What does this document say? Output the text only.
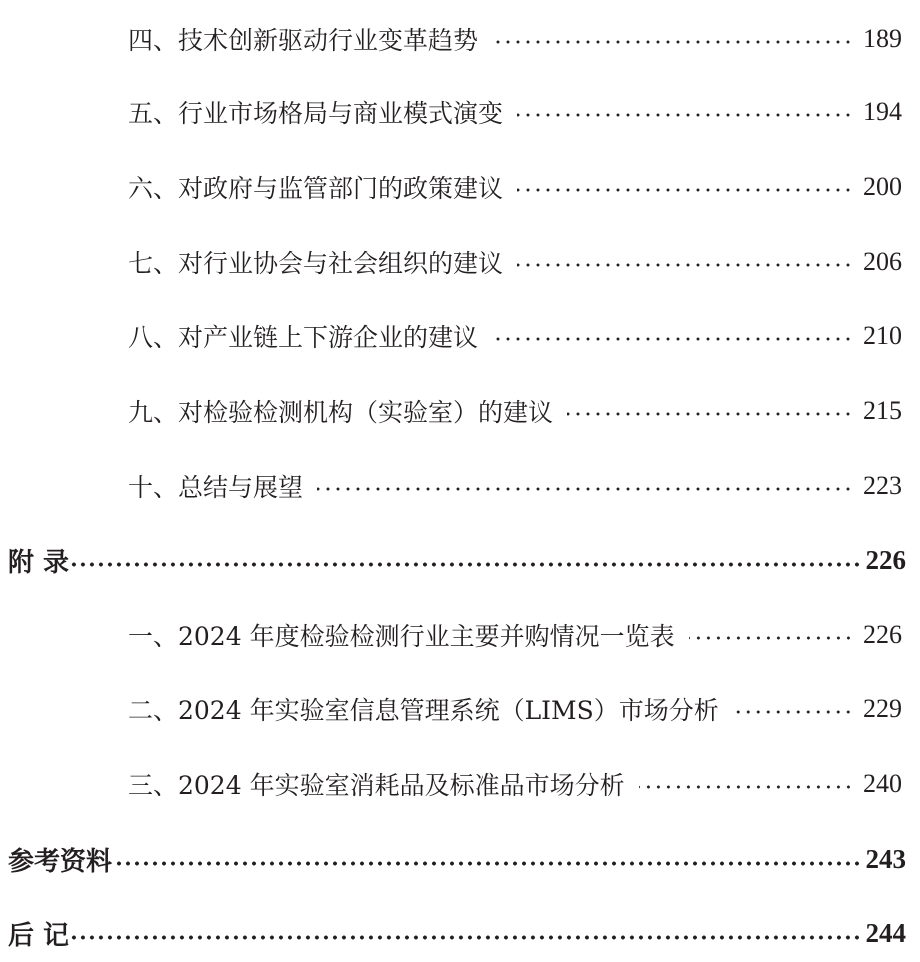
四、技术创新驱动行业变革趋势	189
五、行业市场格局与商业模式演变	194
六、对政府与监管部门的政策建议	200
七、对行业协会与社会组织的建议	206
八、对产业链上下游企业的建议	210
九、对检验检测机构（实验室）的建议	215
十、总结与展望	223
附 录	226
一、2024 年度检验检测行业主要并购情况一览表	226
二、2024 年实验室信息管理系统（LIMS）市场分析	229
三、2024 年实验室消耗品及标准品市场分析	240
参考资料	243
后 记	244
